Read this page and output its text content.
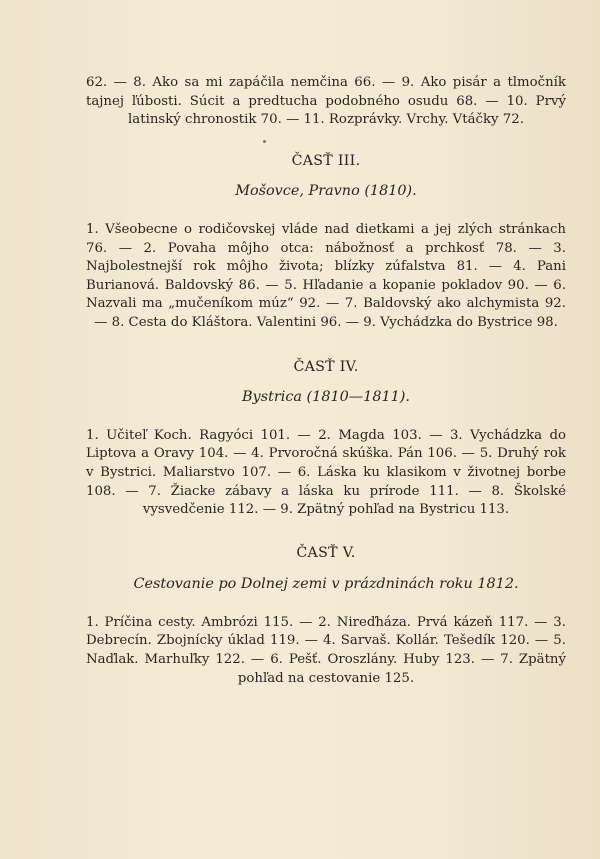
62. — 8. Ako sa mi zapáčila nemčina 66. — 9. Ako pisár a tlmočník tajnej ľúbosti. Súcit a predtucha podobného osudu 68. — 10. Prvý latinský chronostik 70. — 11. Rozprávky. Vrchy. Vtáčky 72.

ČASŤ III.

Mošovce, Pravno (1810).

1. Všeobecne o rodičovskej vláde nad dietkami a jej zlých stránkach 76. — 2. Povaha môjho otca: nábožnosť a prchkosť 78. — 3. Najbolestnejší rok môjho života; blízky zúfalstva 81. — 4. Pani Burianová. Baldovský 86. — 5. Hľadanie a kopanie pokladov 90. — 6. Nazvali ma „mučeníkom múz“ 92. — 7. Baldovský ako alchymista 92. — 8. Cesta do Kláštora. Valentini 96. — 9. Vychádzka do Bystrice 98.

ČASŤ IV.

Bystrica (1810—1811).

1. Učiteľ Koch. Ragyóci 101. — 2. Magda 103. — 3. Vychádzka do Liptova a Oravy 104. — 4. Prvoročná skúška. Pán 106. — 5. Druhý rok v Bystrici. Maliarstvo 107. — 6. Láska ku klasikom v životnej borbe 108. — 7. Žiacke zábavy a láska ku prírode 111. — 8. Školské vysvedčenie 112. — 9. Zpätný pohľad na Bystricu 113.

ČASŤ V.

Cestovanie po Dolnej zemi v prázdninách roku 1812.

1. Príčina cesty. Ambrózi 115. — 2. Nireďháza. Prvá kázeň 117. — 3. Debrecín. Zbojnícky úklad 119. — 4. Sarvaš. Kollár. Tešedík 120. — 5. Naďlak. Marhuľky 122. — 6. Pešť. Oroszlány. Huby 123. — 7. Zpätný pohľad na cestovanie 125.
